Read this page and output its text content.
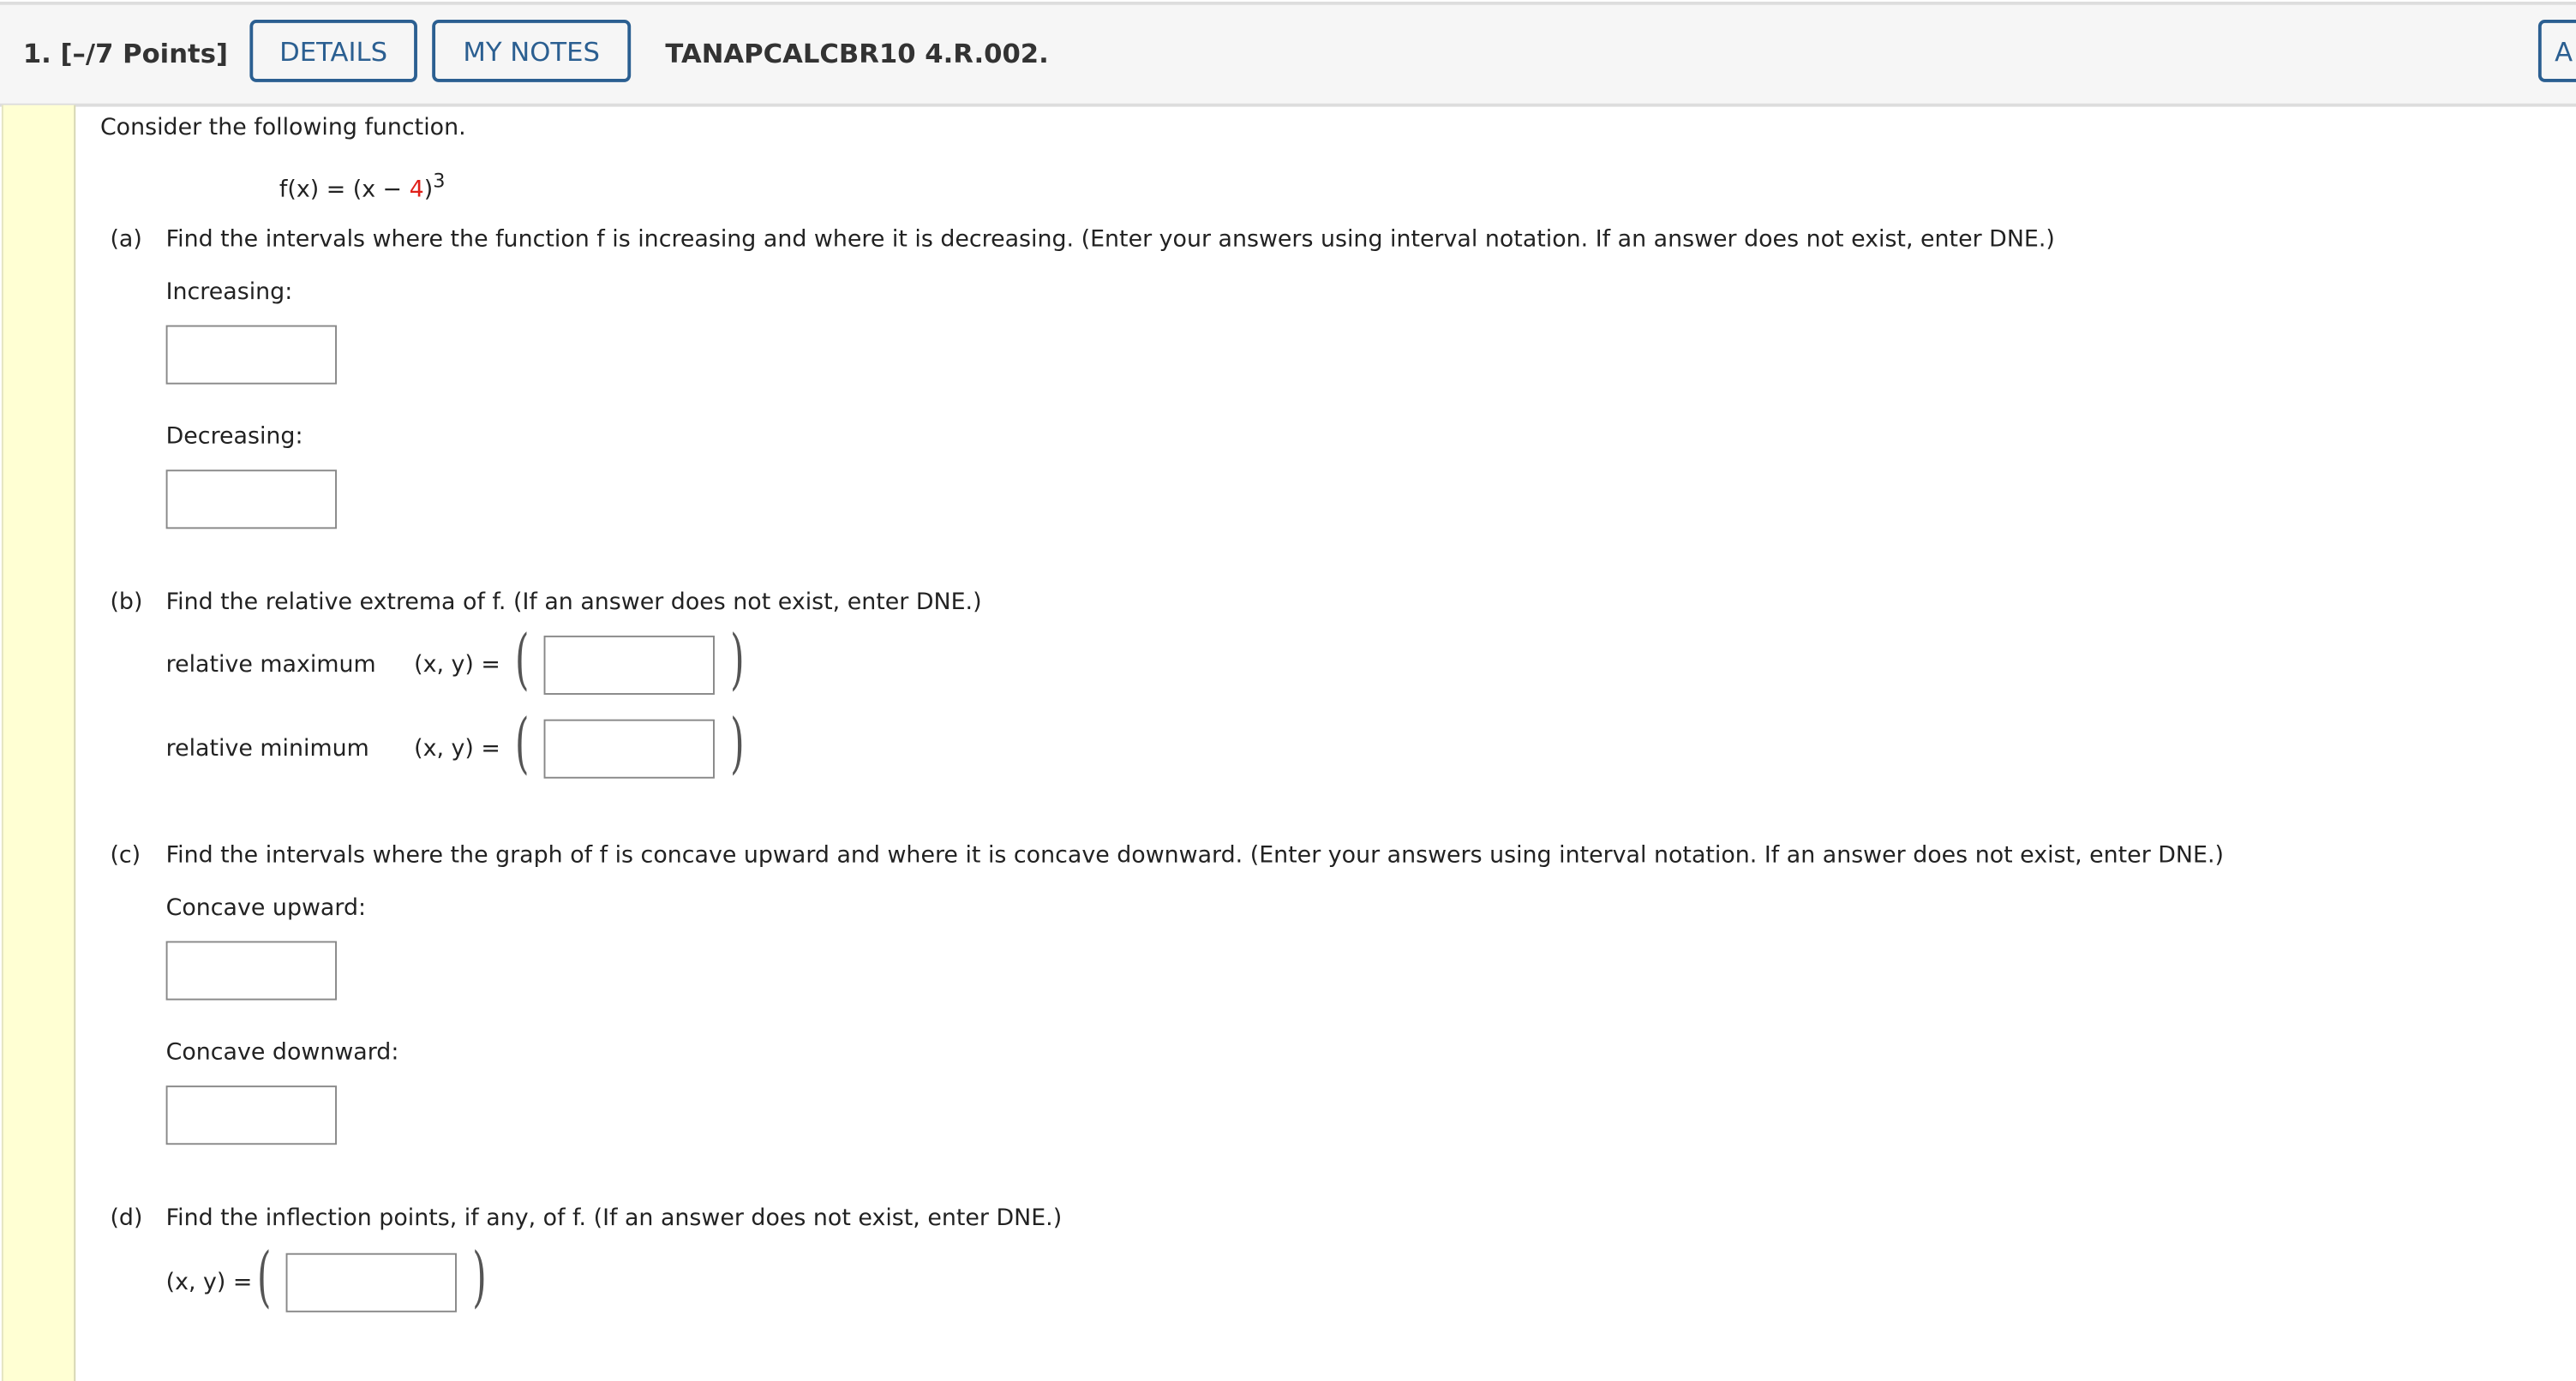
1. [–/7 Points]	DETAILS	MY NOTES	TANAPCALCBR10 4.R.002.	A
Consider the following function.
$f(x) = (x - 4)^3$
(a) Find the intervals where the function f is increasing and where it is decreasing. (Enter your answers using interval notation. If an answer does not exist, enter DNE.)
Increasing:
Decreasing:
(b) Find the relative extrema of f. (If an answer does not exist, enter DNE.)
relative maximum	(x, y) = (	)
relative minimum	(x, y) = (	)
(c) Find the intervals where the graph of f is concave upward and where it is concave downward. (Enter your answers using interval notation. If an answer does not exist, enter DNE.)
Concave upward:
Concave downward:
(d) Find the inflection points, if any, of f. (If an answer does not exist, enter DNE.)
(x, y) = (	)
